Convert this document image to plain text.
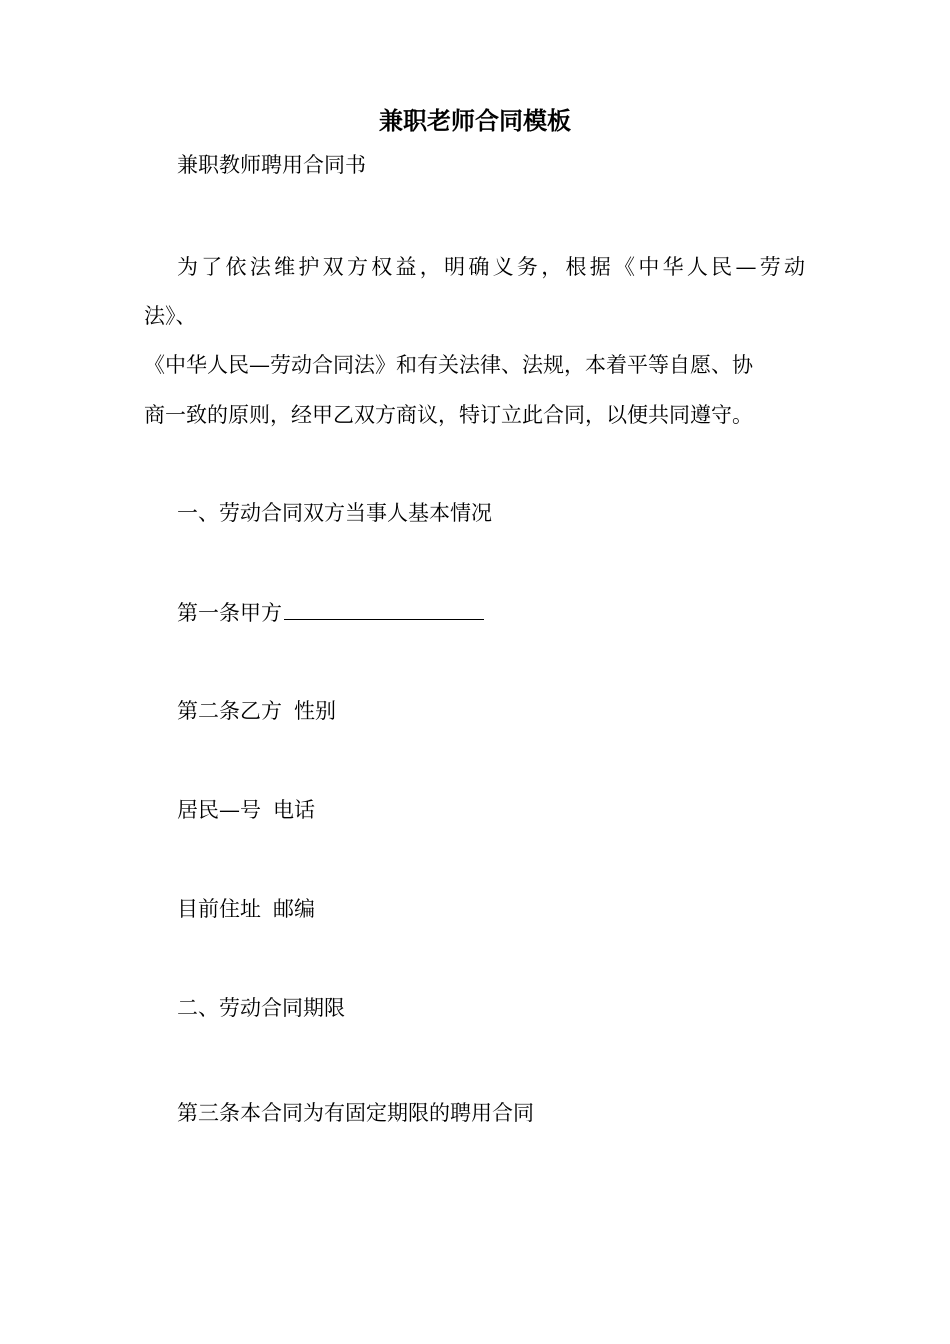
兼职老师合同模板
兼职教师聘用合同书
为了依法维护双方权益，明确义务，根据《中华人民—劳动
法》、
《中华人民—劳动合同法》和有关法律、法规，本着平等自愿、协
商一致的原则，经甲乙双方商议，特订立此合同，以便共同遵守。
一、劳动合同双方当事人基本情况
第一条甲方
第二条乙方 性别
居民—号 电话
目前住址 邮编
二、劳动合同期限
第三条本合同为有固定期限的聘用合同
